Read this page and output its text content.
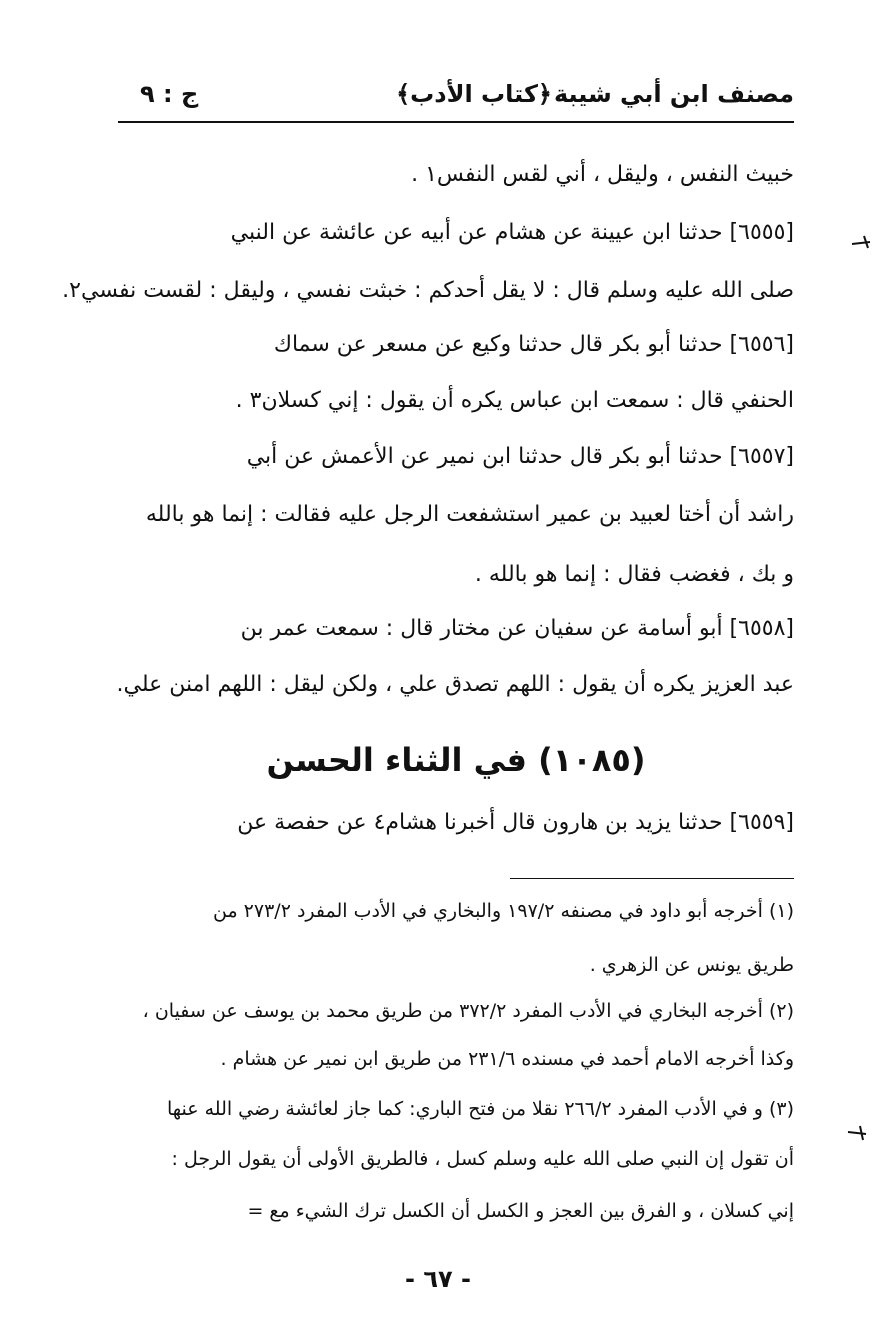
مصنف ابن أبي شيبة
﴿كتاب الأدب﴾
ج : ٩
خبيث النفس ، وليقل ، أني لقس النفس١ .
[٦٥٥٥] حدثنا ابن عيينة عن هشام عن أبيه عن عائشة عن النبي
صلى الله عليه وسلم قال : لا يقل أحدكم : خبثت نفسي ، وليقل : لقست نفسي٢.
[٦٥٥٦] حدثنا أبو بكر قال حدثنا وكيع عن مسعر عن سماك
الحنفي قال : سمعت ابن عباس يكره أن يقول : إني كسلان٣ .
[٦٥٥٧] حدثنا أبو بكر قال حدثنا ابن نمير عن الأعمش عن أبي
راشد أن أختا لعبيد بن عمير استشفعت الرجل عليه فقالت : إنما هو بالله
و بك ، فغضب فقال : إنما هو بالله .
[٦٥٥٨] أبو أسامة عن سفيان عن مختار قال : سمعت عمر بن
عبد العزيز يكره أن يقول : اللهم تصدق علي ، ولكن ليقل : اللهم امنن علي.
(١٠٨٥) في الثناء الحسن
[٦٥٥٩] حدثنا يزيد بن هارون قال أخبرنا هشام٤ عن حفصة عن
(١) أخرجه أبو داود في مصنفه ١٩٧/٢ والبخاري في الأدب المفرد ٢٧٣/٢ من
طريق يونس عن الزهري .
(٢) أخرجه البخاري في الأدب المفرد ٣٧٢/٢ من طريق محمد بن يوسف عن سفيان ،
وكذا أخرجه الامام أحمد في مسنده ٢٣١/٦ من طريق ابن نمير عن هشام .
(٣) و في الأدب المفرد ٢٦٦/٢ نقلا من فتح الباري: كما جاز لعائشة رضي الله عنها
أن تقول إن النبي صلى الله عليه وسلم كسل ، فالطريق الأولى أن يقول الرجل :
إني كسلان ، و الفرق بين العجز و الكسل أن الكسل ترك الشيء مع =
- ٦٧ -
